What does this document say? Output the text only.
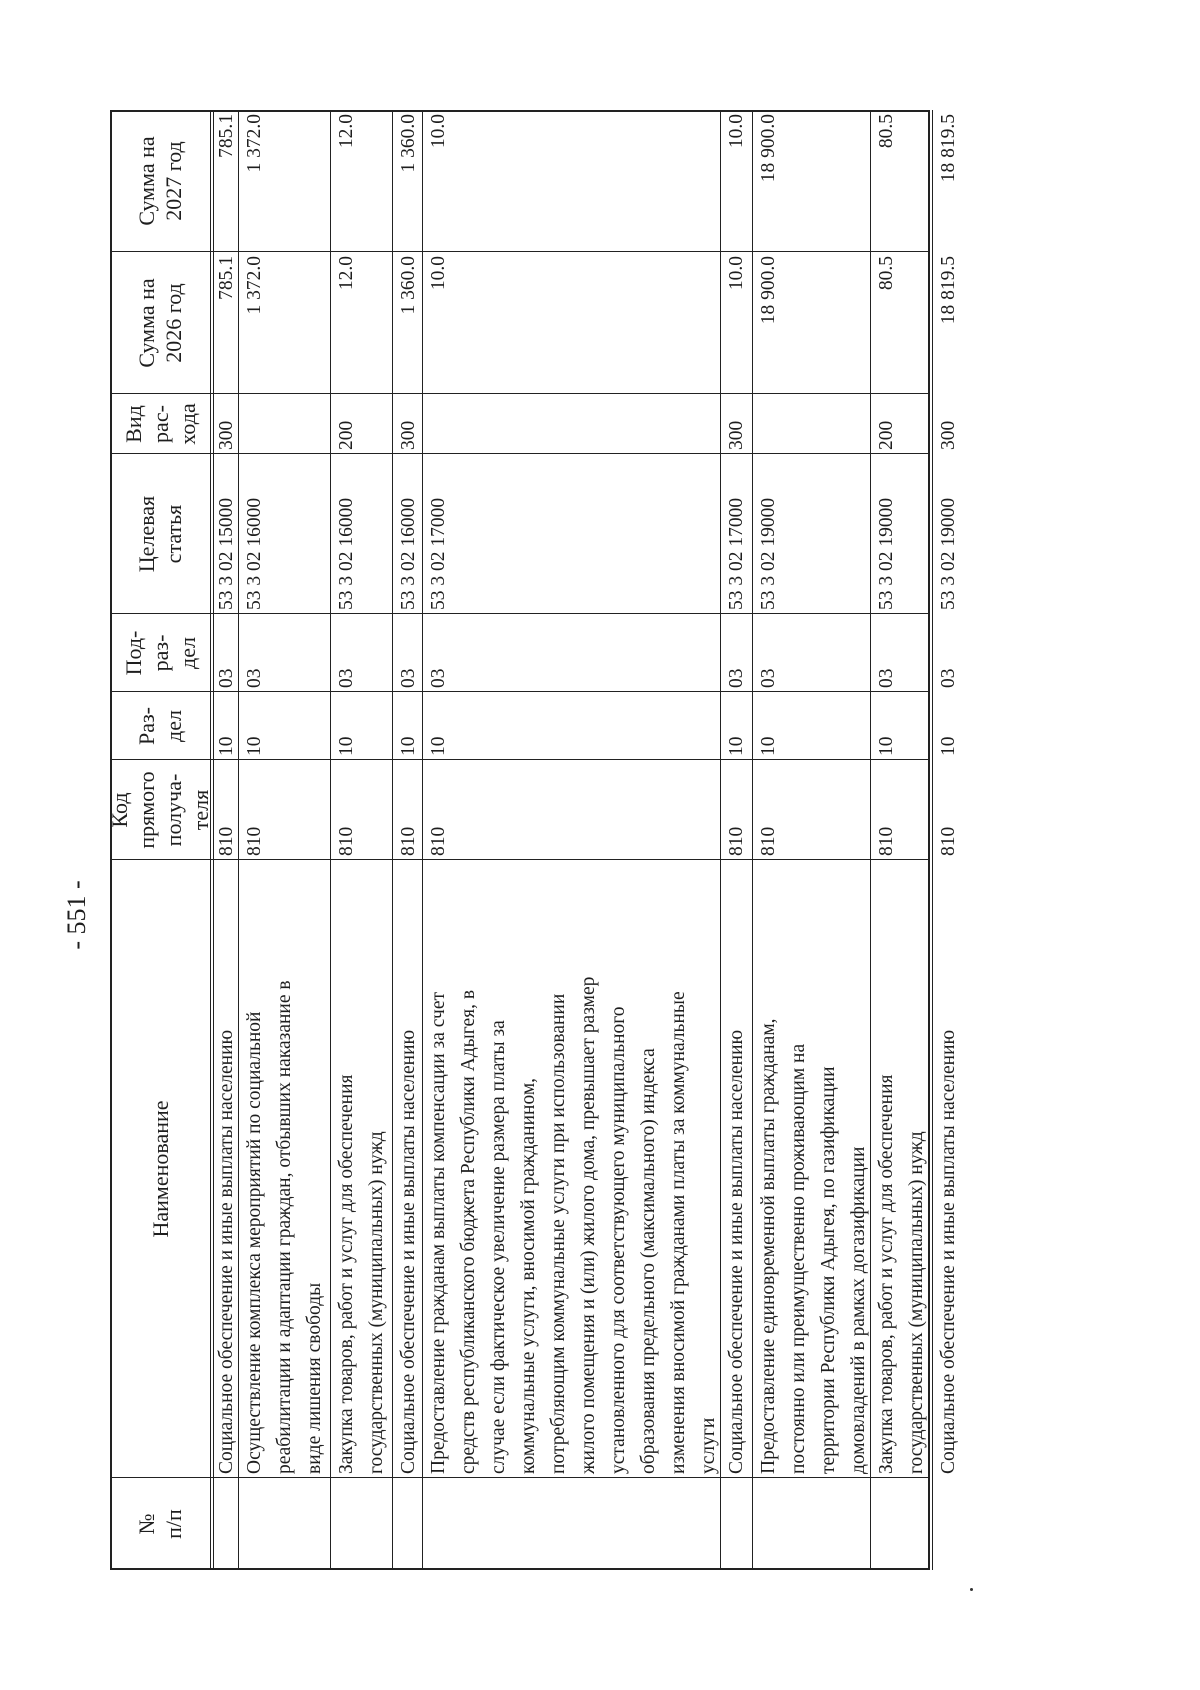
- 551 -
№
п/п
Наименование
Код
прямого
получа-
теля
Раз-
дел
Под-
раз-
дел
Целевая
статья
Вид
рас-
хода
Сумма на
2026 год
Сумма на
2027 год
Социальное обеспечение и иные выплаты населению
810
10
03
53 3 02 15000
300
785.1
785.1
Осуществление комплекса мероприятий по социальной
реабилитации и адаптации граждан, отбывших наказание в
виде лишения свободы
810
10
03
53 3 02 16000
1 372.0
1 372.0
Закупка товаров, работ и услуг для обеспечения
государственных (муниципальных) нужд
810
10
03
53 3 02 16000
200
12.0
12.0
Социальное обеспечение и иные выплаты населению
810
10
03
53 3 02 16000
300
1 360.0
1 360.0
Предоставление гражданам выплаты компенсации за счет
средств республиканского бюджета Республики Адыгея, в
случае если фактическое увеличение размера платы за
коммунальные услуги, вносимой гражданином,
потребляющим коммунальные услуги при использовании
жилого помещения и (или) жилого дома, превышает размер
установленного для соответствующего муниципального
образования предельного (максимального) индекса
изменения вносимой гражданами платы за коммунальные
услуги
810
10
03
53 3 02 17000
10.0
10.0
Социальное обеспечение и иные выплаты населению
810
10
03
53 3 02 17000
300
10.0
10.0
Предоставление единовременной выплаты гражданам,
постоянно или преимущественно проживающим на
территории Республики Адыгея, по газификации
домовладений в рамках догазификации
810
10
03
53 3 02 19000
18 900.0
18 900.0
Закупка товаров, работ и услуг для обеспечения
государственных (муниципальных) нужд
810
10
03
53 3 02 19000
200
80.5
80.5
Социальное обеспечение и иные выплаты населению
810
10
03
53 3 02 19000
300
18 819.5
18 819.5
